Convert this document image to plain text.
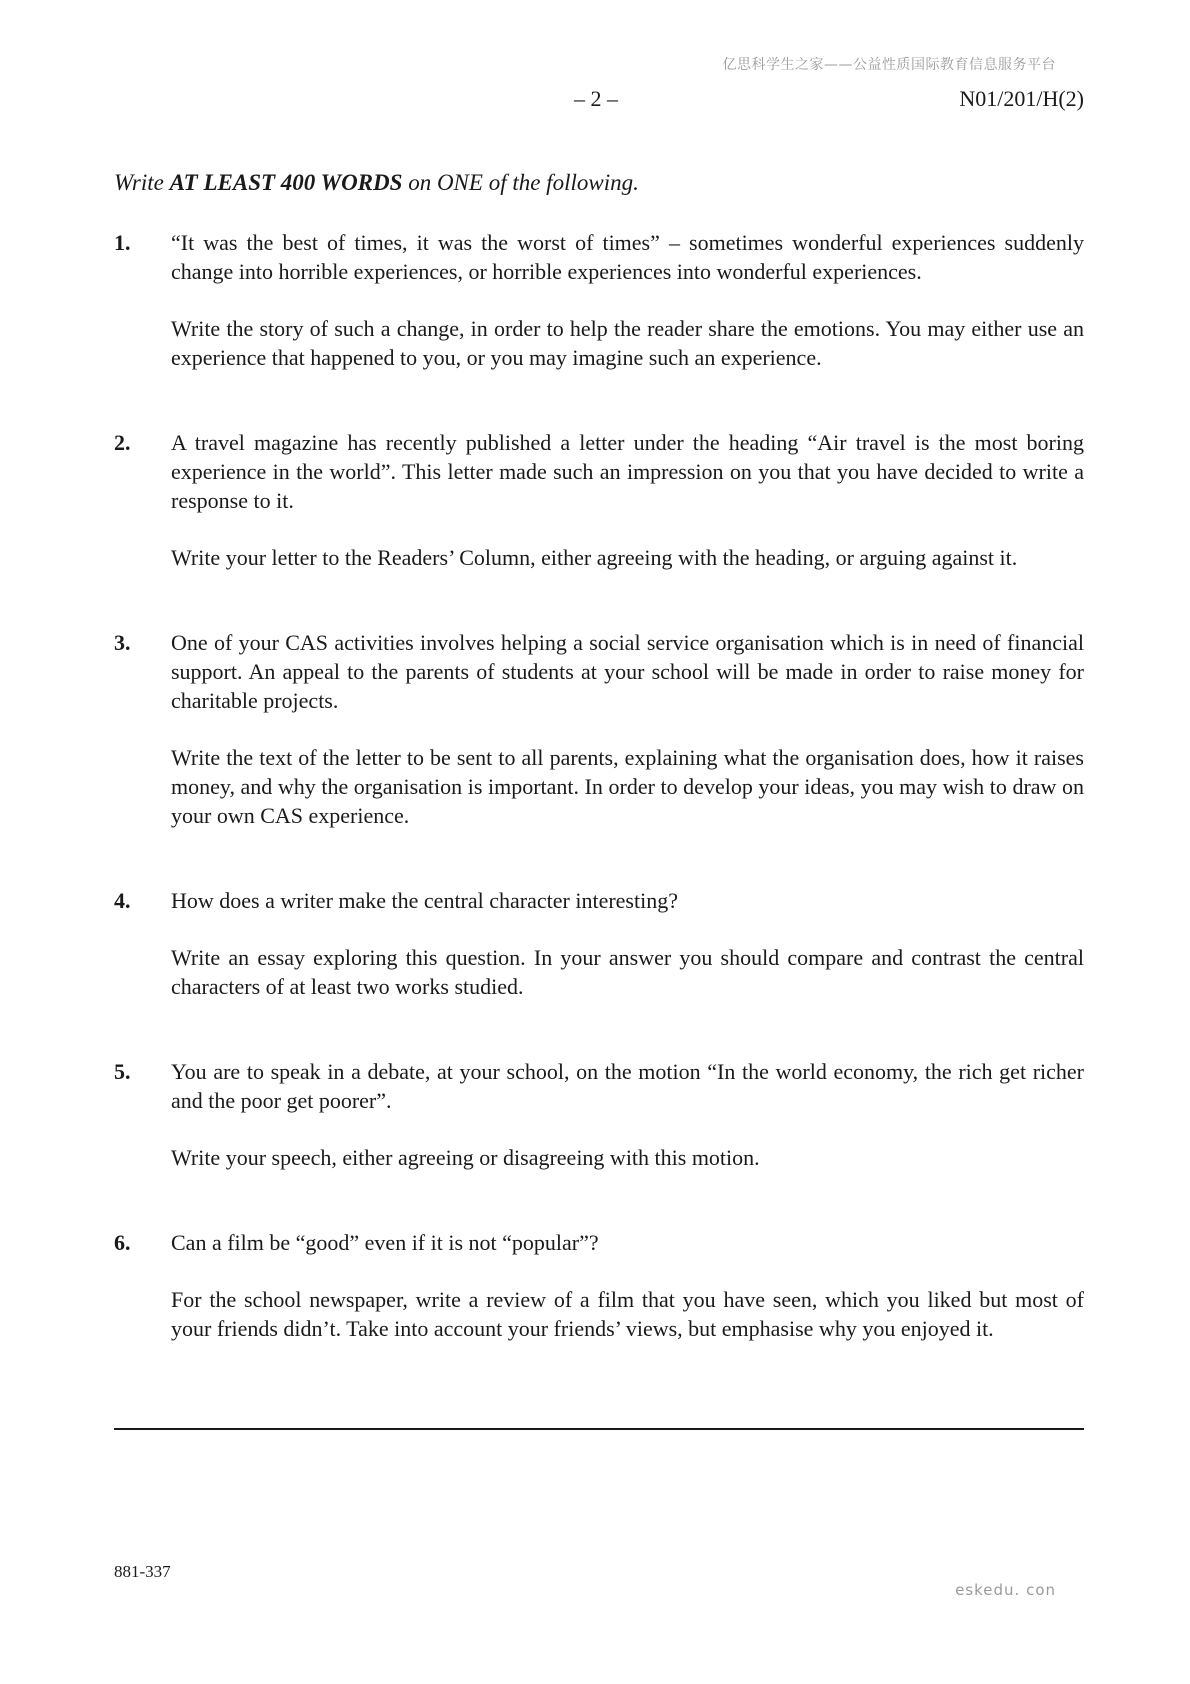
亿思科学生之家——公益性质国际教育信息服务平台
– 2 –	N01/201/H(2)
Write AT LEAST 400 WORDS on ONE of the following.
1.	“It was the best of times, it was the worst of times” – sometimes wonderful experiences suddenly change into horrible experiences, or horrible experiences into wonderful experiences.

Write the story of such a change, in order to help the reader share the emotions. You may either use an experience that happened to you, or you may imagine such an experience.

2.	A travel magazine has recently published a letter under the heading “Air travel is the most boring experience in the world”. This letter made such an impression on you that you have decided to write a response to it.

Write your letter to the Readers’ Column, either agreeing with the heading, or arguing against it.

3.	One of your CAS activities involves helping a social service organisation which is in need of financial support. An appeal to the parents of students at your school will be made in order to raise money for charitable projects.

Write the text of the letter to be sent to all parents, explaining what the organisation does, how it raises money, and why the organisation is important. In order to develop your ideas, you may wish to draw on your own CAS experience.

4.	How does a writer make the central character interesting?

Write an essay exploring this question. In your answer you should compare and contrast the central characters of at least two works studied.

5.	You are to speak in a debate, at your school, on the motion “In the world economy, the rich get richer and the poor get poorer”.

Write your speech, either agreeing or disagreeing with this motion.

6.	Can a film be “good” even if it is not “popular”?

For the school newspaper, write a review of a film that you have seen, which you liked but most of your friends didn’t. Take into account your friends’ views, but emphasise why you enjoyed it.

881-337
eskedu. con
